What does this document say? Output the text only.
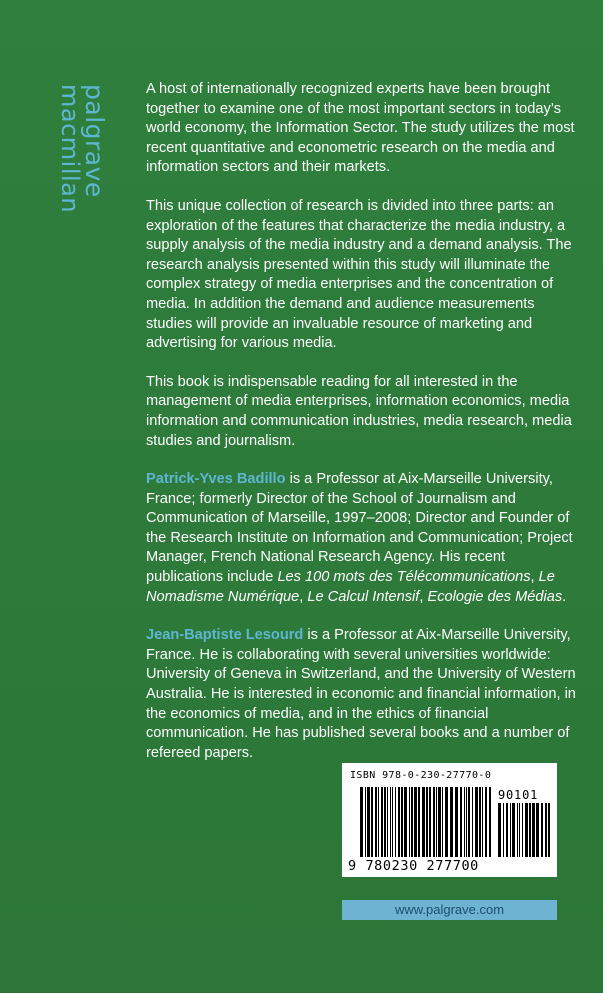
palgrave
macmillan	A host of internationally recognized experts have been brought together to examine one of the most important sectors in today’s world economy, the Information Sector. The study utilizes the most recent quantitative and econometric research on the media and information sectors and their markets.

This unique collection of research is divided into three parts: an exploration of the features that characterize the media industry, a supply analysis of the media industry and a demand analysis. The research analysis presented within this study will illuminate the complex strategy of media enterprises and the concentration of media. In addition the demand and audience measurements studies will provide an invaluable resource of marketing and advertising for various media.

This book is indispensable reading for all interested in the management of media enterprises, information economics, media information and communication industries, media research, media studies and journalism.

Patrick-Yves Badillo is a Professor at Aix-Marseille University, France; formerly Director of the School of Journalism and Communication of Marseille, 1997–2008; Director and Founder of the Research Institute on Information and Communication; Project Manager, French National Research Agency. His recent publications include Les 100 mots des Télécommunications, Le Nomadisme Numérique, Le Calcul Intensif, Ecologie des Médias.

Jean-Baptiste Lesourd is a Professor at Aix-Marseille University, France. He is collaborating with several universities worldwide: University of Geneva in Switzerland, and the University of Western Australia. He is interested in economic and financial information, in the economics of media, and in the ethics of financial communication. He has published several books and a number of refereed papers.

ISBN 978-0-230-27770-0
90101
9 780230 277700
www.palgrave.com
